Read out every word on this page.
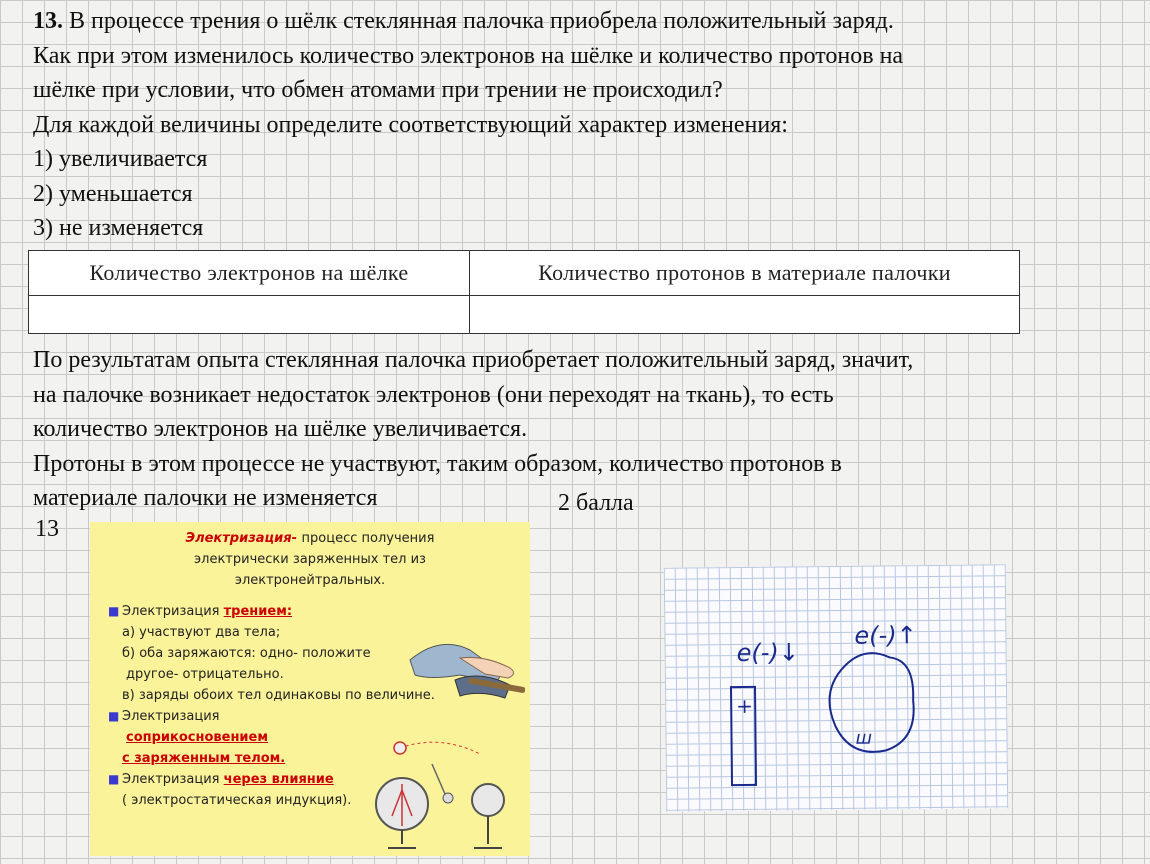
13. В процессе трения о шёлк стеклянная палочка приобрела положительный заряд.

Как при этом изменилось количество электронов на шёлке и количество протонов на

шёлке при условии, что обмен атомами при трении не происходил?

Для каждой величины определите соответствующий характер изменения:

1) увеличивается

2) уменьшается

3) не изменяется

Количество электронов на шёлке	Количество протонов в материале палочки

По результатам опыта стеклянная палочка приобретает положительный заряд, значит,

на палочке возникает недостаток электронов (они переходят на ткань), то есть

количество электронов на шёлке увеличивается.

Протоны в этом процессе не участвуют, таким образом, количество протонов в

материале палочки не изменяется	2 балла
13	Электризация- процесс получения
электрически заряженных тел из
электронейтральных.
■ Электризация трением:
а) участвуют два тела;
б) оба заряжаются: одно- положите
другое- отрицательно.
в) заряды обоих тел одинаковы по величине.
■ Электризация
соприкосновением
с заряженным телом.
■ Электризация через влияние
( электростатическая индукция).
e(-)↓
e(-)↑
+
ш
